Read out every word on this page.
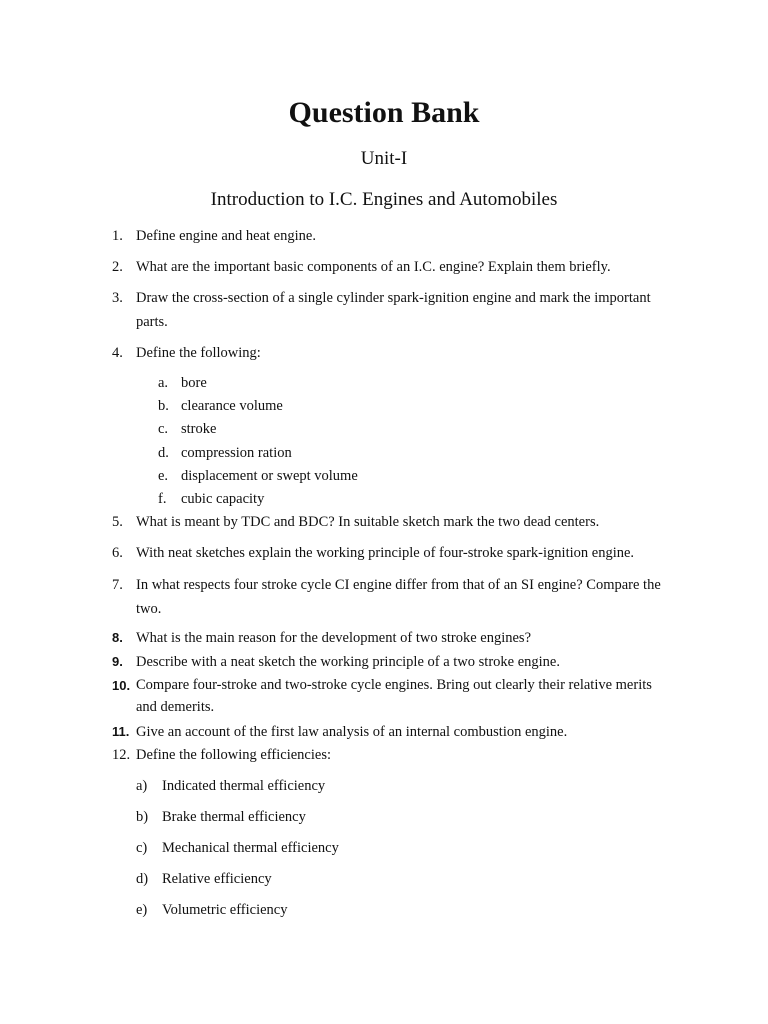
Question Bank
Unit-I
Introduction to I.C. Engines and Automobiles
1. Define engine and heat engine.
2. What are the important basic components of an I.C. engine? Explain them briefly.
3. Draw the cross-section of a single cylinder spark-ignition engine and mark the important parts.
4. Define the following:
a. bore
b. clearance volume
c. stroke
d. compression ration
e. displacement or swept volume
f. cubic capacity
5. What is meant by TDC and BDC? In suitable sketch mark the two dead centers.
6. With neat sketches explain the working principle of four-stroke spark-ignition engine.
7. In what respects four stroke cycle CI engine differ from that of an SI engine? Compare the two.
8. What is the main reason for the development of two stroke engines?
9. Describe with a neat sketch the working principle of a two stroke engine.
10. Compare four-stroke and two-stroke cycle engines. Bring out clearly their relative merits and demerits.
11. Give an account of the first law analysis of an internal combustion engine.
12. Define the following efficiencies:
a) Indicated thermal efficiency
b) Brake thermal efficiency
c) Mechanical thermal efficiency
d) Relative efficiency
e) Volumetric efficiency
